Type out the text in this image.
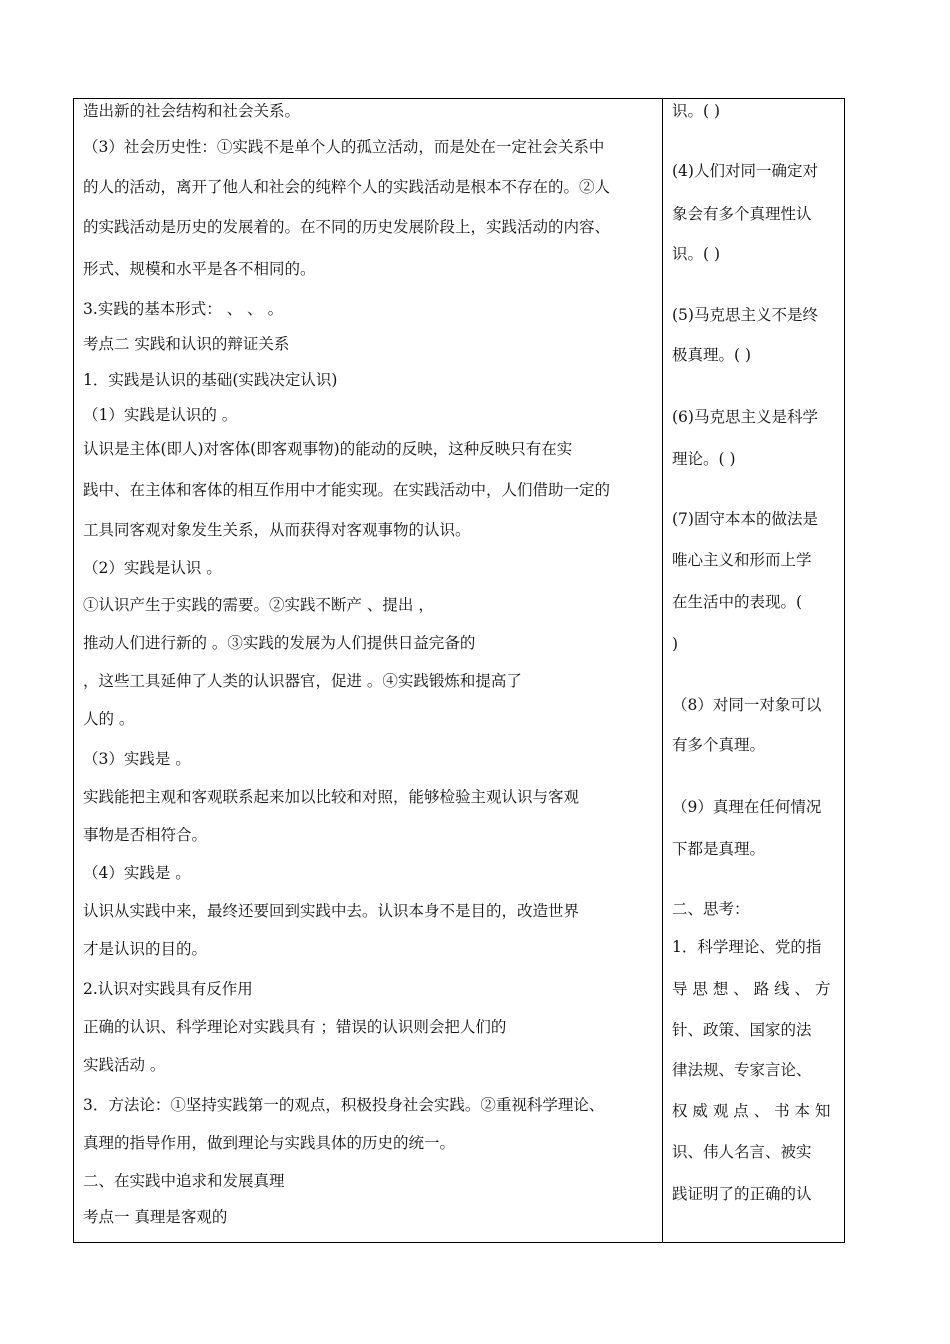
造出新的社会结构和社会关系。
（3）社会历史性：①实践不是单个人的孤立活动，而是处在一定社会关系中
的人的活动，离开了他人和社会的纯粹个人的实践活动是根本不存在的。②人
的实践活动是历史的发展着的。在不同的历史发展阶段上，实践活动的内容、
形式、规模和水平是各不相同的。
3.实践的基本形式： 、 、 。
考点二 实践和认识的辩证关系
1．实践是认识的基础(实践决定认识)
（1）实践是认识的 。
认识是主体(即人)对客体(即客观事物)的能动的反映，这种反映只有在实
践中、在主体和客体的相互作用中才能实现。在实践活动中，人们借助一定的
工具同客观对象发生关系，从而获得对客观事物的认识。
（2）实践是认识 。
①认识产生于实践的需要。②实践不断产 、提出 ，
推动人们进行新的 。③实践的发展为人们提供日益完备的
，这些工具延伸了人类的认识器官，促进 。④实践锻炼和提高了
人的 。
（3）实践是 。
实践能把主观和客观联系起来加以比较和对照，能够检验主观认识与客观
事物是否相符合。
（4）实践是 。
认识从实践中来，最终还要回到实践中去。认识本身不是目的，改造世界
才是认识的目的。
2.认识对实践具有反作用
正确的认识、科学理论对实践具有 ；错误的认识则会把人们的
实践活动 。
3．方法论：①坚持实践第一的观点，积极投身社会实践。②重视科学理论、
真理的指导作用，做到理论与实践具体的历史的统一。
二、在实践中追求和发展真理
考点一 真理是客观的
识。( )
(4)人们对同一确定对
象会有多个真理性认
识。( )
(5)马克思主义不是终
极真理。( )
(6)马克思主义是科学
理论。( )
(7)固守本本的做法是
唯心主义和形而上学
在生活中的表现。(
)
（8）对同一对象可以
有多个真理。
（9）真理在任何情况
下都是真理。
二、思考：
1．科学理论、党的指
导 思 想 、 路 线 、 方
针、政策、国家的法
律法规、专家言论、
权 威 观 点 、 书 本 知
识、伟人名言、被实
践证明了的正确的认
